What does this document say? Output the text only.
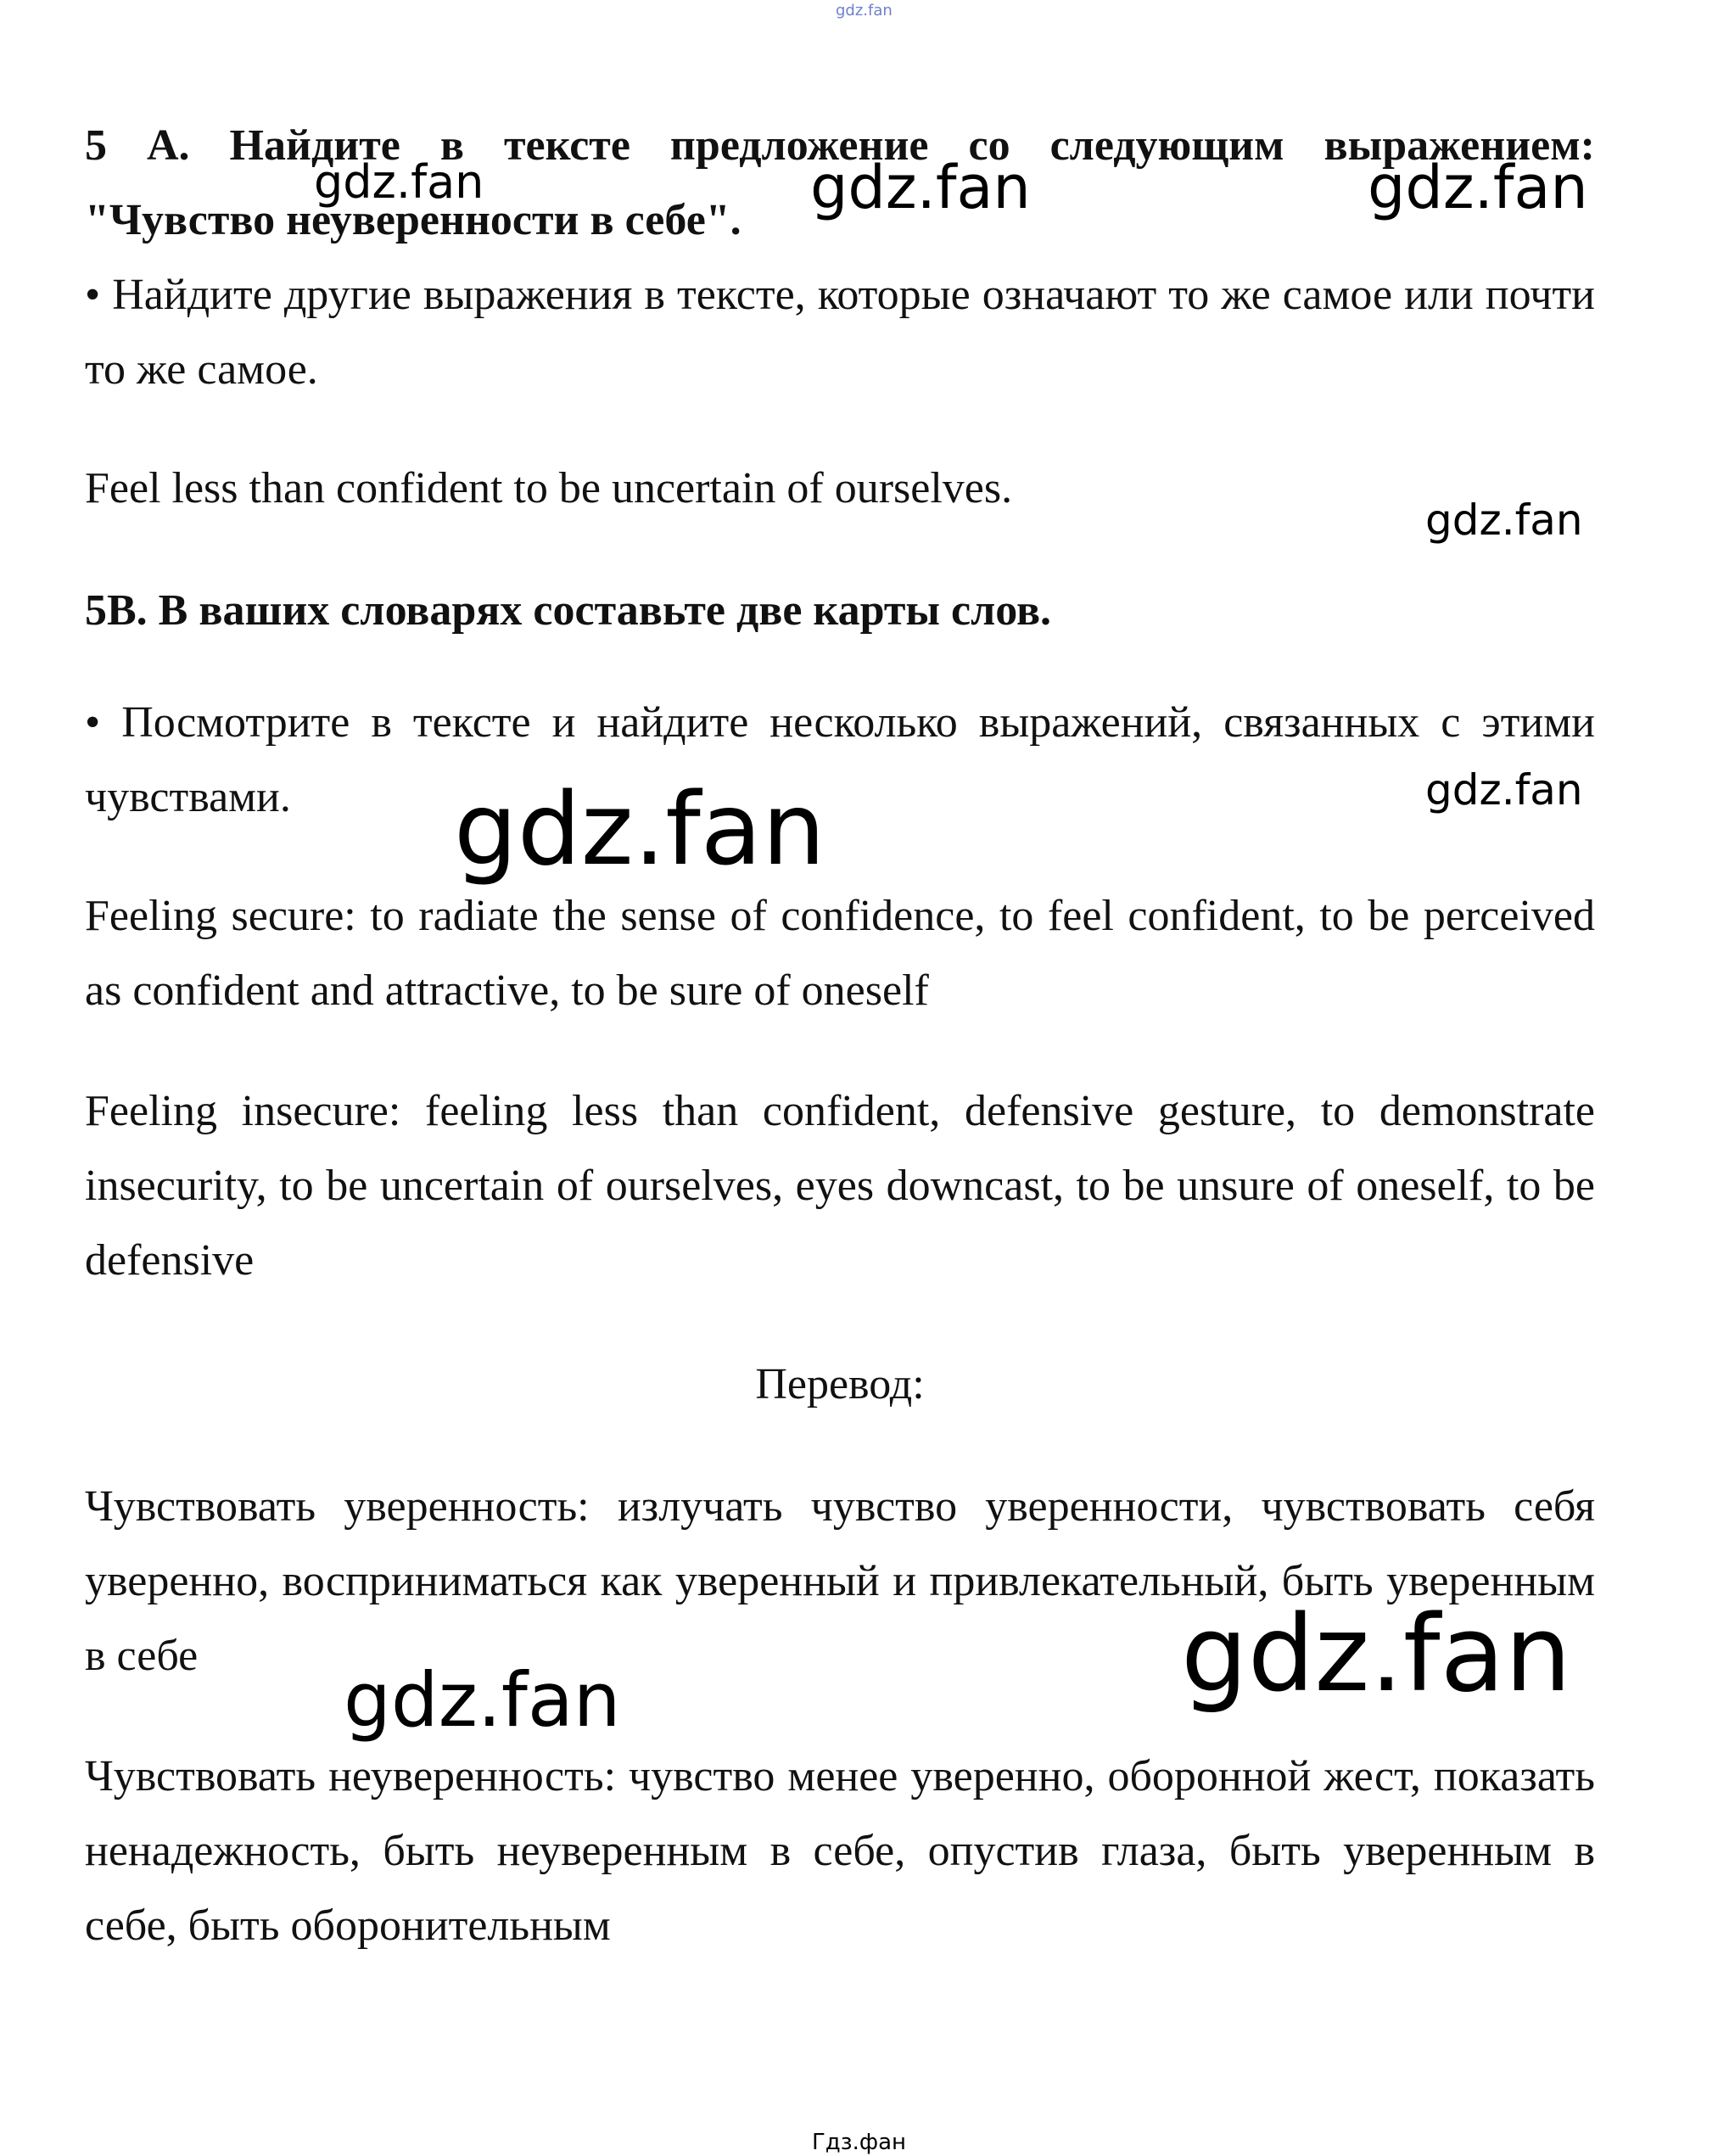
gdz.fan

5 А. Найдите в тексте предложение со следующим выражением:

"Чувство неуверенности в себе".

• Найдите другие выражения в тексте, которые означают то же самое или почти то же самое.

Feel less than confident to be uncertain of ourselves.

5B. В ваших словарях составьте две карты слов.

• Посмотрите в тексте и найдите несколько выражений, связанных с этими чувствами.

Feeling secure: to radiate the sense of confidence, to feel confident, to be perceived as confident and attractive, to be sure of oneself

Feeling insecure: feeling less than confident, defensive gesture, to demonstrate insecurity, to be uncertain of ourselves, eyes downcast, to be unsure of oneself, to be defensive

Перевод:

Чувствовать уверенность: излучать чувство уверенности, чувствовать себя уверенно, восприниматься как уверенный и привлекательный, быть уверенным в себе

Чувствовать неуверенность: чувство менее уверенно, оборонной жест, показать ненадежность, быть неуверенным в себе, опустив глаза, быть уверенным в себе, быть оборонительным

gdz.fan	gdz.fan	gdz.fan
gdz.fan
gdz.fan
gdz.fan
gdz.fan
gdz.fan
Гдз.фан
